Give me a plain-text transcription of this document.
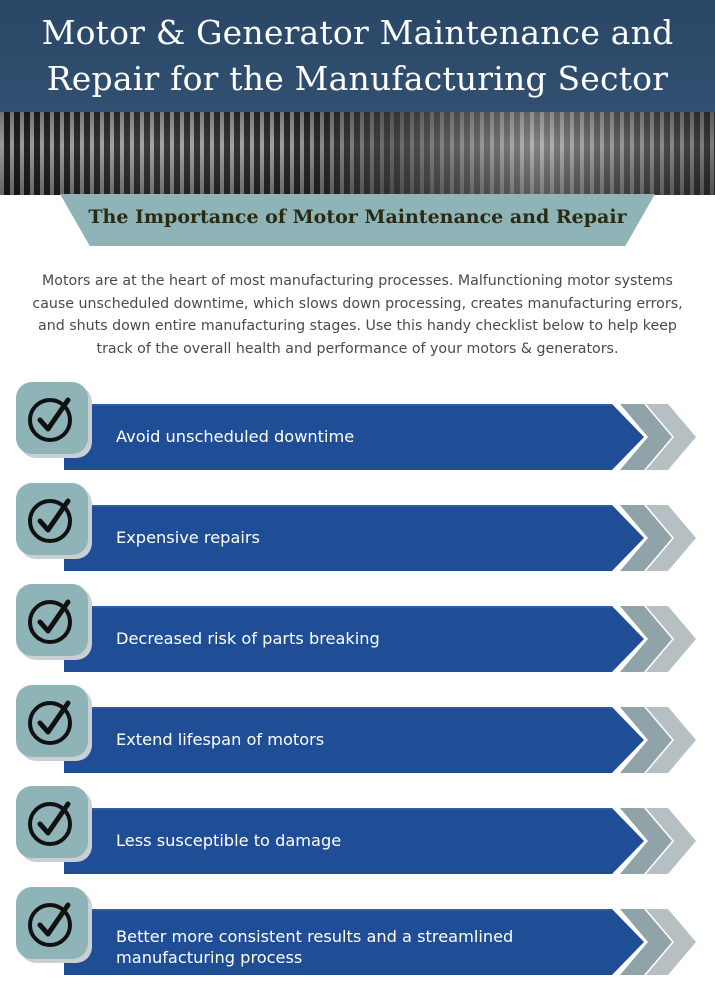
Motor & Generator Maintenance and
Repair for the Manufacturing Sector
The Importance of Motor Maintenance and Repair
Motors are at the heart of most manufacturing processes. Malfunctioning motor systems
cause unscheduled downtime, which slows down processing, creates manufacturing errors,
and shuts down entire manufacturing stages. Use this handy checklist below to help keep
track of the overall health and performance of your motors & generators.
Avoid unscheduled downtime
Expensive repairs
Decreased risk of parts breaking
Extend lifespan of motors
Less susceptible to damage
Better more consistent results and a streamlined
manufacturing process
